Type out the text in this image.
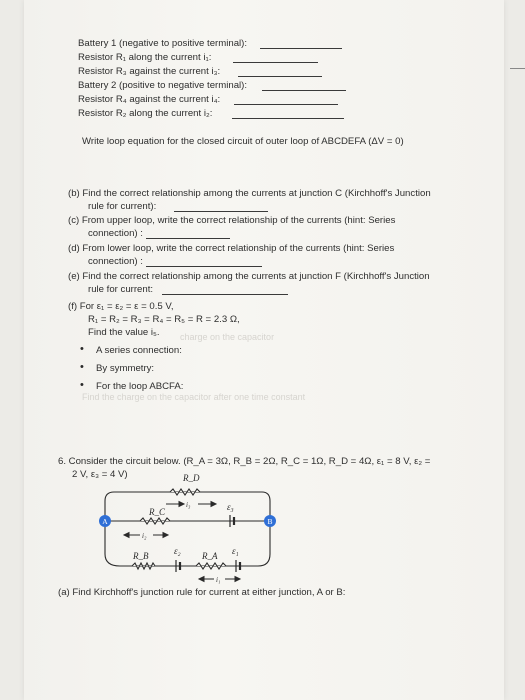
Battery 1 (negative to positive terminal):
Resistor R₁ along the current i₁:
Resistor R₃ against the current i₃:
Battery 2 (positive to negative terminal):
Resistor R₄ against the current i₄:
Resistor R₂ along the current i₂:
Write loop equation for the closed circuit of outer loop of ABCDEFA (ΔV = 0)
(b) Find the correct relationship among the currents at junction C (Kirchhoff's Junction
rule for current):
(c) From upper loop, write the correct relationship of the currents (hint: Series
connection) :
(d) From lower loop, write the correct relationship of the currents (hint: Series
connection) :
(e) Find the correct relationship among the currents at junction F (Kirchhoff's Junction
rule for current:
(f) For ε₁ = ε₂ = ε = 0.5 V,
R₁ = R₂ = R₃ = R₄ = R₅ = R = 2.3 Ω,
Find the value i₅. charge on the capacitor
• A series connection:
• By symmetry:
• For the loop ABCFA:
Find the charge on the capacitor after one time constant
6. Consider the circuit below. (R_A = 3Ω, R_B = 2Ω, R_C = 1Ω, R_D = 4Ω, ε₁ = 8 V, ε₂ =
2 V, ε₃ = 4 V)
A	B
R_D
ε₃
i₃
R_C
i₂
R_B	ε₂ R_A ε₁
i₁
(a) Find Kirchhoff's junction rule for current at either junction, A or B:
